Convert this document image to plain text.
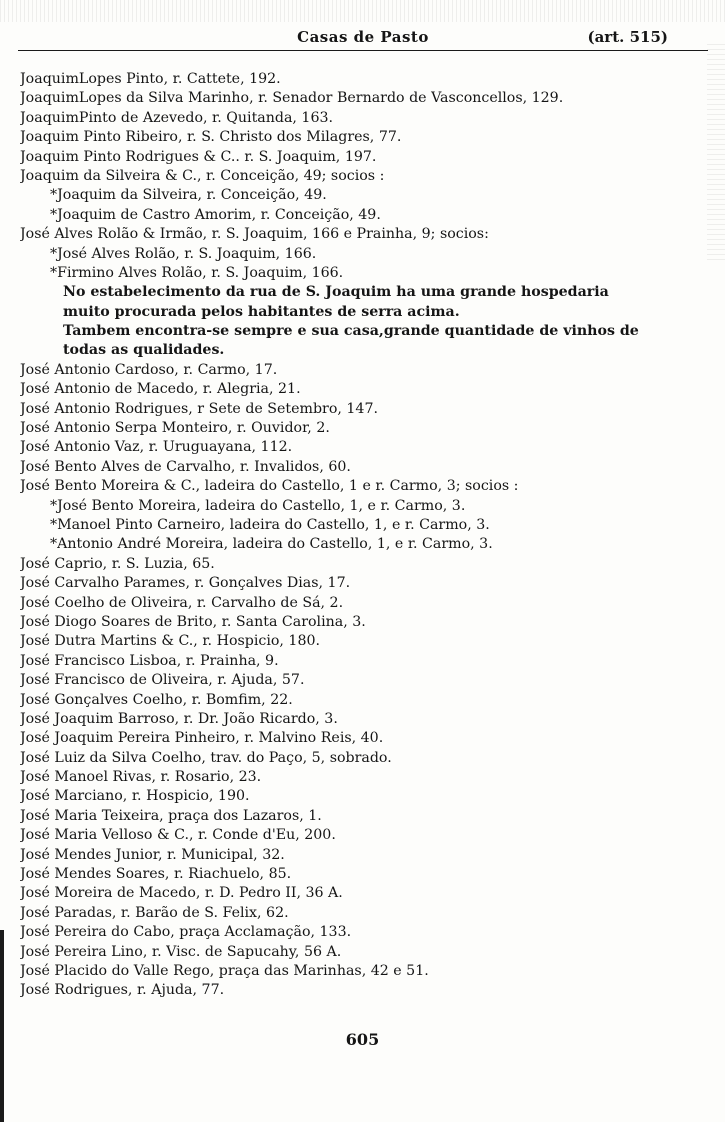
Casas de Pasto	(art. 515)
JoaquimLopes Pinto, r. Cattete, 192.
JoaquimLopes da Silva Marinho, r. Senador Bernardo de Vasconcellos, 129.
JoaquimPinto de Azevedo, r. Quitanda, 163.
Joaquim Pinto Ribeiro, r. S. Christo dos Milagres, 77.
Joaquim Pinto Rodrigues & C.. r. S. Joaquim, 197.
Joaquim da Silveira & C., r. Conceição, 49; socios :
*Joaquim da Silveira, r. Conceição, 49.
*Joaquim de Castro Amorim, r. Conceição, 49.
José Alves Rolão & Irmão, r. S. Joaquim, 166 e Prainha, 9; socios:
*José Alves Rolão, r. S. Joaquim, 166.
*Firmino Alves Rolão, r. S. Joaquim, 166.
No estabelecimento da rua de S. Joaquim ha uma grande hospedaria
muito procurada pelos habitantes de serra acima.
Tambem encontra-se sempre e sua casa,grande quantidade de vinhos de
todas as qualidades.
José Antonio Cardoso, r. Carmo, 17.
José Antonio de Macedo, r. Alegria, 21.
José Antonio Rodrigues, r Sete de Setembro, 147.
José Antonio Serpa Monteiro, r. Ouvidor, 2.
José Antonio Vaz, r. Uruguayana, 112.
José Bento Alves de Carvalho, r. Invalidos, 60.
José Bento Moreira & C., ladeira do Castello, 1 e r. Carmo, 3; socios :
*José Bento Moreira, ladeira do Castello, 1, e r. Carmo, 3.
*Manoel Pinto Carneiro, ladeira do Castello, 1, e r. Carmo, 3.
*Antonio André Moreira, ladeira do Castello, 1, e r. Carmo, 3.
José Caprio, r. S. Luzia, 65.
José Carvalho Parames, r. Gonçalves Dias, 17.
José Coelho de Oliveira, r. Carvalho de Sá, 2.
José Diogo Soares de Brito, r. Santa Carolina, 3.
José Dutra Martins & C., r. Hospicio, 180.
José Francisco Lisboa, r. Prainha, 9.
José Francisco de Oliveira, r. Ajuda, 57.
José Gonçalves Coelho, r. Bomfim, 22.
José Joaquim Barroso, r. Dr. João Ricardo, 3.
José Joaquim Pereira Pinheiro, r. Malvino Reis, 40.
José Luiz da Silva Coelho, trav. do Paço, 5, sobrado.
José Manoel Rivas, r. Rosario, 23.
José Marciano, r. Hospicio, 190.
José Maria Teixeira, praça dos Lazaros, 1.
José Maria Velloso & C., r. Conde d'Eu, 200.
José Mendes Junior, r. Municipal, 32.
José Mendes Soares, r. Riachuelo, 85.
José Moreira de Macedo, r. D. Pedro II, 36 A.
José Paradas, r. Barão de S. Felix, 62.
José Pereira do Cabo, praça Acclamação, 133.
José Pereira Lino, r. Visc. de Sapucahy, 56 A.
José Placido do Valle Rego, praça das Marinhas, 42 e 51.
José Rodrigues, r. Ajuda, 77.
605
